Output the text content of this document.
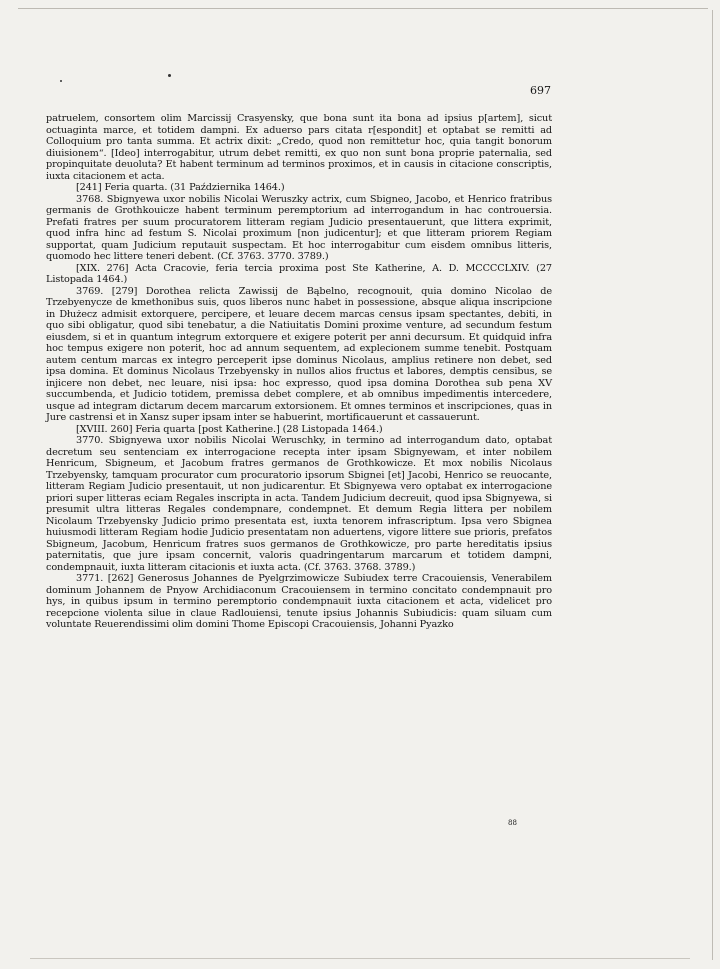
697

patruelem, consortem olim Marcissij Crasyensky, que bona sunt ita bona ad ipsius p[artem], sicut octuaginta marce, et totidem dampni. Ex aduerso pars citata r[espondit] et optabat se remitti ad Colloquium pro tanta summa. Et actrix dixit: „Credo, quod non remittetur hoc, quia tangit bonorum diuisionem“. [Ideo] interrogabitur, utrum debet remitti, ex quo non sunt bona proprie paternalia, sed propinquitate deuoluta? Et habent terminum ad terminos proximos, et in causis in citacione conscriptis, iuxta citacionem et acta.

[241] Feria quarta. (31 Października 1464.)

3768. Sbignyewa uxor nobilis Nicolai Weruszky actrix, cum Sbigneo, Jacobo, et Henrico fratribus germanis de Grothkouicze habent terminum peremptorium ad interrogandum in hac controuersia. Prefati fratres per suum procuratorem litteram regiam Judicio presentauerunt, que littera exprimit, quod infra hinc ad festum S. Nicolai proximum [non judicentur]; et que litteram priorem Regiam supportat, quam Judicium reputauit suspectam. Et hoc interrogabitur cum eisdem omnibus litteris, quomodo hec littere teneri debent. (Cf. 3763. 3770. 3789.)

[XIX. 276] Acta Cracovie, feria tercia proxima post Ste Katherine, A. D. MCCCCLXIV. (27 Listopada 1464.)

3769. [279] Dorothea relicta Zawissij de Bąbelno, recognouit, quia domino Nicolao de Trzebyenycze de kmethonibus suis, quos liberos nunc habet in possessione, absque aliqua inscripcione in Dłużecz admisit extorquere, percipere, et leuare decem marcas census ipsam spectantes, debiti, in quo sibi obligatur, quod sibi tenebatur, a die Natiuitatis Domini proxime venture, ad secundum festum eiusdem, si et in quantum integrum extorquere et exigere poterit per anni decursum. Et quidquid infra hoc tempus exigere non poterit, hoc ad annum sequentem, ad explecionem summe tenebit. Postquam autem centum marcas ex integro perceperit ipse dominus Nicolaus, amplius retinere non debet, sed ipsa domina. Et dominus Nicolaus Trzebyensky in nullos alios fructus et labores, demptis censibus, se injicere non debet, nec leuare, nisi ipsa: hoc expresso, quod ipsa domina Dorothea sub pena XV succumbenda, et Judicio totidem, premissa debet complere, et ab omnibus impedimentis intercedere, usque ad integram dictarum decem marcarum extorsionem. Et omnes terminos et inscripciones, quas in Jure castrensi et in Xansz super ipsam inter se habuerint, mortificauerunt et cassauerunt.

[XVIII. 260] Feria quarta [post Katherine.] (28 Listopada 1464.)

3770. Sbignyewa uxor nobilis Nicolai Weruschky, in termino ad interrogandum dato, optabat decretum seu sentenciam ex interrogacione recepta inter ipsam Sbignyewam, et inter nobilem Henricum, Sbigneum, et Jacobum fratres germanos de Grothkowicze. Et mox nobilis Nicolaus Trzebyensky, tamquam procurator cum procuratorio ipsorum Sbignei [et] Jacobi, Henrico se reuocante, litteram Regiam Judicio presentauit, ut non judicarentur. Et Sbignyewa vero optabat ex interrogacione priori super litteras eciam Regales inscripta in acta. Tandem Judicium decreuit, quod ipsa Sbignyewa, si presumit ultra litteras Regales condempnare, condempnet. Et demum Regia littera per nobilem Nicolaum Trzebyensky Judicio primo presentata est, iuxta tenorem infrascriptum. Ipsa vero Sbignea huiusmodi litteram Regiam hodie Judicio presentatam non aduertens, vigore littere sue prioris, prefatos Sbigneum, Jacobum, Henricum fratres suos germanos de Grothkowicze, pro parte hereditatis ipsius paternitatis, que jure ipsam concernit, valoris quadringentarum marcarum et totidem dampni, condempnauit, iuxta litteram citacionis et iuxta acta. (Cf. 3763. 3768. 3789.)

3771. [262] Generosus Johannes de Pyelgrzimowicze Subiudex terre Cracouiensis, Venerabilem dominum Johannem de Pnyow Archidiaconum Cracouiensem in termino concitato condempnauit pro hys, in quibus ipsum in termino peremptorio condempnauit iuxta citacionem et acta, videlicet pro recepcione violenta silue in claue Radlouiensi, tenute ipsius Johannis Subiudicis: quam siluam cum voluntate Reuerendissimi olim domini Thome Episcopi Cracouiensis, Johanni Pyazko

88
